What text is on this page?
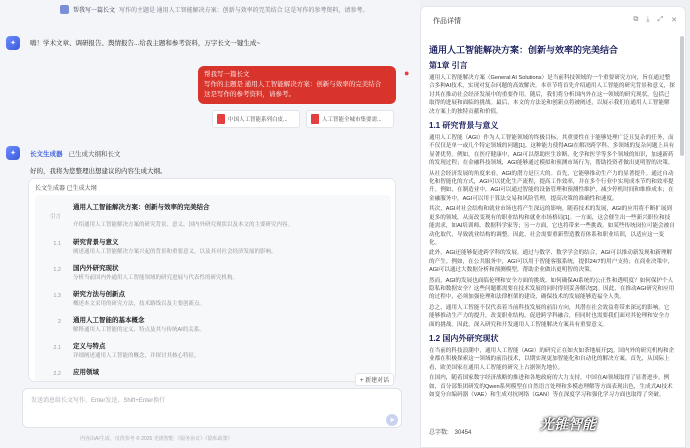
帮我写一篇长文 写作的主题是 通用人工智能解决方案：创新与效率的完美结合 这是写作的参考资料，请参考。
✦	嗨！学术文章、调研报告、舆情报告...给我主题和参考资料，万字长文一键生成~
帮我写一篇长文
写作的主题是 通用人工智能解决方案：创新与效率的完美结合
这是写作的参考资料，请参考。
●
中国人工智能系列白皮...	人工智能全城市集要需...
✦	长文生成器 已生成大纲和长文
好的，我将为您整理出想建议的内容生成大纲。
长文生成器 已生成大纲
引言
通用人工智能解决方案：创新与效率的完美结合
介绍通用人工智能解决方案的研究背景、意义、国内外研究现状以及本文的主要研究内容。
1.1 研究背景与意义
阐述通用人工智能解决方案兴起的背景和重要意义，以及其对社会经济发展的影响。
1.2 国内外研究现状
分析当前国内外通用人工智能领域的研究进展与代表性的研究机构。
1.3 研究方法与创新点
概述本文采用的研究方法，技术路线以及主要创新点。
2 通用人工智能的基本概念
解释通用人工智能的定义、特点及其与传统AI的关系。
2.1 定义与特点
详细阐述通用人工智能的概念，并探讨其核心特征。
2.2 应用领域
+ 新建对话
发送消息给长文写作，Enter发送，Shift+Enter换行
➤
内容由AI生成，仅供参考 © 2025 光锥智能 《服务协议》《隐私政策》
作品详情	⧉ ⤓ ⤢ ✕
通用人工智能解决方案：创新与效率的完美结合
第1章 引言

通用人工智能解决方案（General AI Solutions）是当前科技领域的一个重要研究方向，旨在通过整合多种AI技术，实现对复杂问题的高效解决。本章节将首先介绍通用人工智能的研究背景和意义，探讨其在推动社会经济发展中的重要作用。随后，我们将分析国内外在这一领域的研究现状，包括已取得的进展和面临的挑战。最后，本文的方法论和创新点将被阐述，以展示我们在通用人工智能解决方案上的独特贡献和价值。

1.1 研究背景与意义

通用人工智能（AGI）作为人工智能领域的终极目标，其重要性在于能够处理广泛且复杂的任务，而不仅仅是单一或几个特定领域的问题[1]。这种能力使得AGI在解决跨学科、多领域的复杂问题上具有显著优势。例如，在医疗健康中，AGI可以帮助医生诊断、化学和医学等多个领域的知识，加速新药的发现过程；在金融科技领域，AGI能够通过模拟和预测市场行为，帮助投资者做出更明智的决策。

从社会经济发展的角度来看，AGI的潜力是巨大的。首先，它能够推动生产力的显著提升。通过自动化和智能化的方式，AGI可以优化生产流程，提高工作效率，并在多个行业中实现成本节约和效率提升。例如，在制造业中，AGI可以通过智能的设备管理和预测性维护，减少停机时间和维修成本；在金融服务中，AGI可以用于算法交易和风险管理，提高决策的准确性和速度。

其次，AGI对社会结构和就业市场也将产生深远的影响。随着技术的发展，AGI的应用将不断扩展到更多的领域，从而改变现有的职业结构和就业市场格局[1]。一方面，这会催生出一些新兴职位和技能需求，如AI培训师、数据科学家等；另一方面，它也将带来一些挑战，如某些传统岗位可能会被自动化取代，导致就业结构的调整。因此，社会需要重新塑造教育体系和职业培训，以适应这一变化。

此外，AGI还能够促进跨学科的发展。通过与数学、数学学会的结合，AGI可以推动新发现和新理解的产生。例如，在公共服务中，AGI可以用于智能客服系统，提供24/7的用户支持；在商业决策中，AGI可以通过大数据分析和预测模型，帮助企业做出更明智的决策。

然而，AGI的发展也面临伦理和安全方面的挑战。如何确保AI系统的公正性和透明度？如何保护个人隐私和数据安全？这些问题都需要在技术发展的同时得到妥善解决[2]。因此，在推动AGI研究和应用的过程中，必须加强伦理和法律框架的建设，确保技术的发展能够造福全人类。

总之，通用人工智能不仅代表着当前科技发展的前沿方向，其潜在社会效益将带来深远的影响。它能够推动生产力的提升，改变职业结构，促进跨学科融合，但同时也需要我们面对其伦理和安全方面的挑战。因此，深入研究和开发通用人工智能解决方案具有重要意义。

1.2 国内外研究现状

在当前的科技浪潮中，通用人工智能（AGI）的研究正在如火如荼地展开[2]。国内外的研究机构和企业都在积极探索这一领域的前沿技术，以期实现更加智能化和自动化的解决方案。首先，从国际上看，欧美国家在通用人工智能的研究上占据领先地位。

在国内，随着国家数字经济战略的推进和各地政府的大力支持，中国在AI领域取得了显著进步。例如，首分部集团研发的Qwen系列模型在自然语言处理和多模态理解等方面表现出色，生成式AI技术如变分自编码器（VAE）和生成对抗网络（GAN）等在深度学习和强化学习方面也取得了突破。

总字数: 30454
光锥智能
